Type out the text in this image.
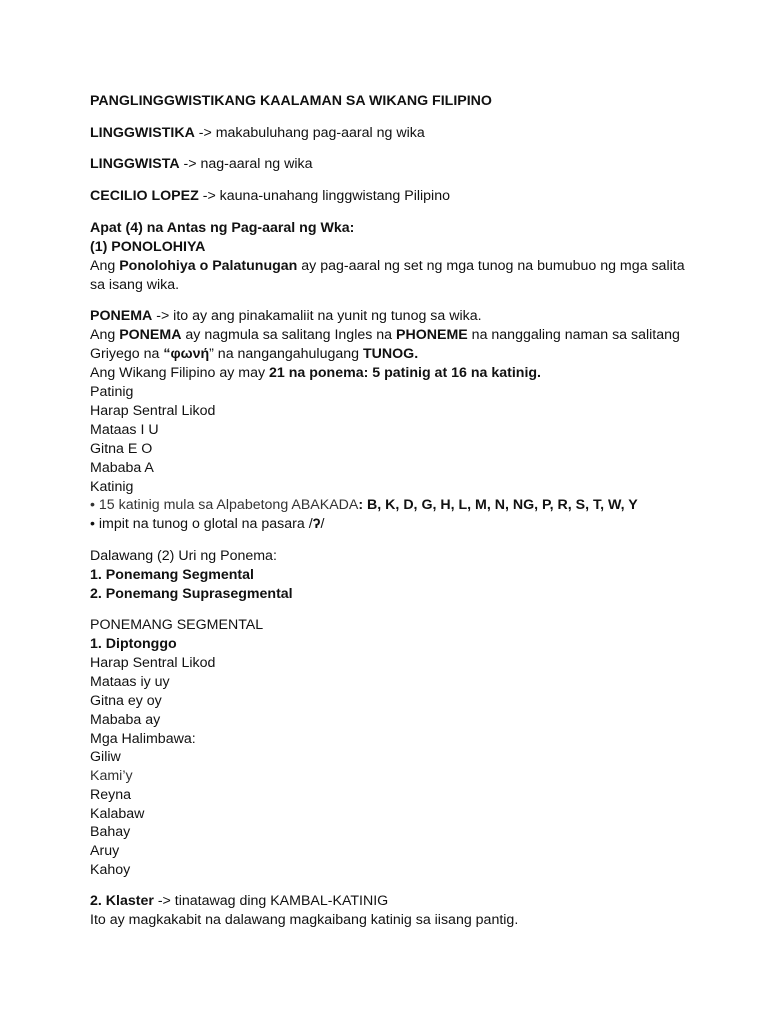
PANGLINGGWISTIKANG KAALAMAN SA WIKANG FILIPINO
LINGGWISTIKA -> makabuluhang pag-aaral ng wika
LINGGWISTA -> nag-aaral ng wika
CECILIO LOPEZ -> kauna-unahang linggwistang Pilipino
Apat (4) na Antas ng Pag-aaral ng Wka:
(1) PONOLOHIYA
Ang Ponolohiya o Palatunugan ay pag-aaral ng set ng mga tunog na bumubuo ng mga salita
sa isang wika.
PONEMA -> ito ay ang pinakamaliit na yunit ng tunog sa wika.
Ang PONEMA ay nagmula sa salitang Ingles na PHONEME na nanggaling naman sa salitang
Griyego na “φωνή” na nangangahulugang TUNOG.
Ang Wikang Filipino ay may 21 na ponema: 5 patinig at 16 na katinig.
Patinig
Harap Sentral Likod
Mataas I U
Gitna E O
Mababa A
Katinig
• 15 katinig mula sa Alpabetong ABAKADA: B, K, D, G, H, L, M, N, NG, P, R, S, T, W, Y
• impit na tunog o glotal na pasara /ʔ/
Dalawang (2) Uri ng Ponema:
1. Ponemang Segmental
2. Ponemang Suprasegmental
PONEMANG SEGMENTAL
1. Diptonggo
Harap Sentral Likod
Mataas iy uy
Gitna ey oy
Mababa ay
Mga Halimbawa:
Giliw
Kami’y
Reyna
Kalabaw
Bahay
Aruy
Kahoy
2. Klaster -> tinatawag ding KAMBAL-KATINIG
Ito ay magkakabit na dalawang magkaibang katinig sa iisang pantig.
